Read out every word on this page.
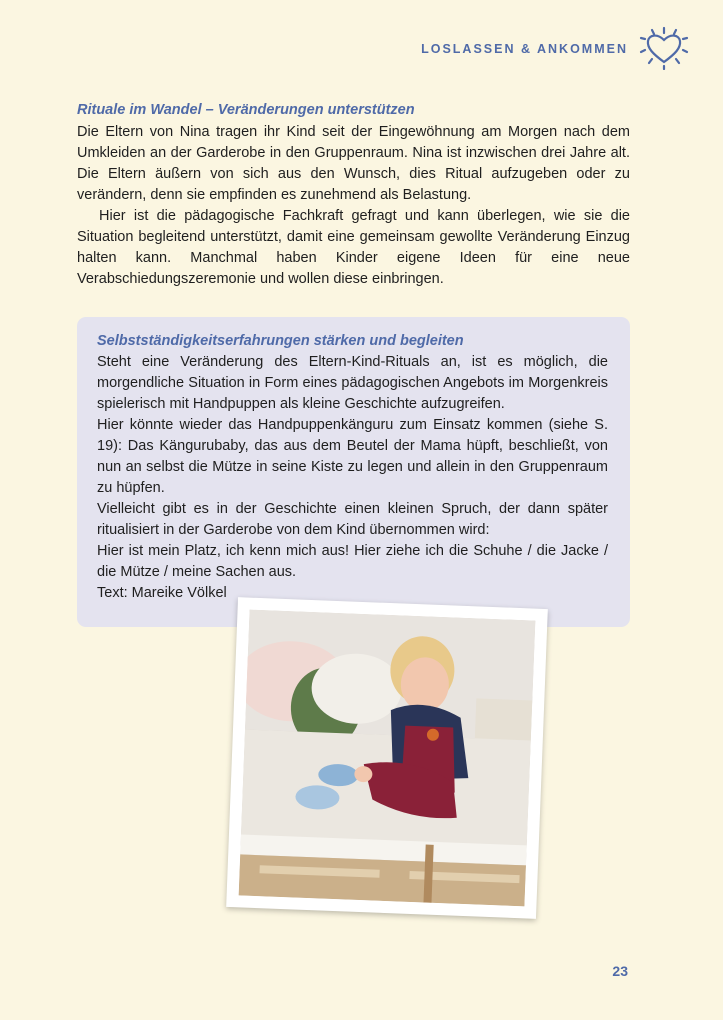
LOSLASSEN & ANKOMMEN
Rituale im Wandel – Veränderungen unterstützen

Die Eltern von Nina tragen ihr Kind seit der Eingewöhnung am Morgen nach dem Umkleiden an der Garderobe in den Gruppenraum. Nina ist inzwischen drei Jahre alt. Die Eltern äußern von sich aus den Wunsch, dies Ritual aufzugeben oder zu verändern, denn sie empfinden es zunehmend als Belastung.

Hier ist die pädagogische Fachkraft gefragt und kann überlegen, wie sie die Situation begleitend unterstützt, damit eine gemeinsam gewollte Veränderung Einzug halten kann. Manchmal haben Kinder eigene Ideen für eine neue Verabschiedungszeremonie und wollen diese einbringen.

Selbstständigkeitserfahrungen stärken und begleiten

Steht eine Veränderung des Eltern-Kind-Rituals an, ist es möglich, die morgendliche Situation in Form eines pädagogischen Angebots im Morgenkreis spielerisch mit Handpuppen als kleine Geschichte aufzugreifen.

Hier könnte wieder das Handpuppenkänguru zum Einsatz kommen (siehe S. 19): Das Kängurubaby, das aus dem Beutel der Mama hüpft, beschließt, von nun an selbst die Mütze in seine Kiste zu legen und allein in den Gruppenraum zu hüpfen.

Vielleicht gibt es in der Geschichte einen kleinen Spruch, der dann später ritualisiert in der Garderobe von dem Kind übernommen wird:

Hier ist mein Platz, ich kenn mich aus! Hier ziehe ich die Schuhe / die Jacke / die Mütze / meine Sachen aus.

Text: Mareike Völkel

23
